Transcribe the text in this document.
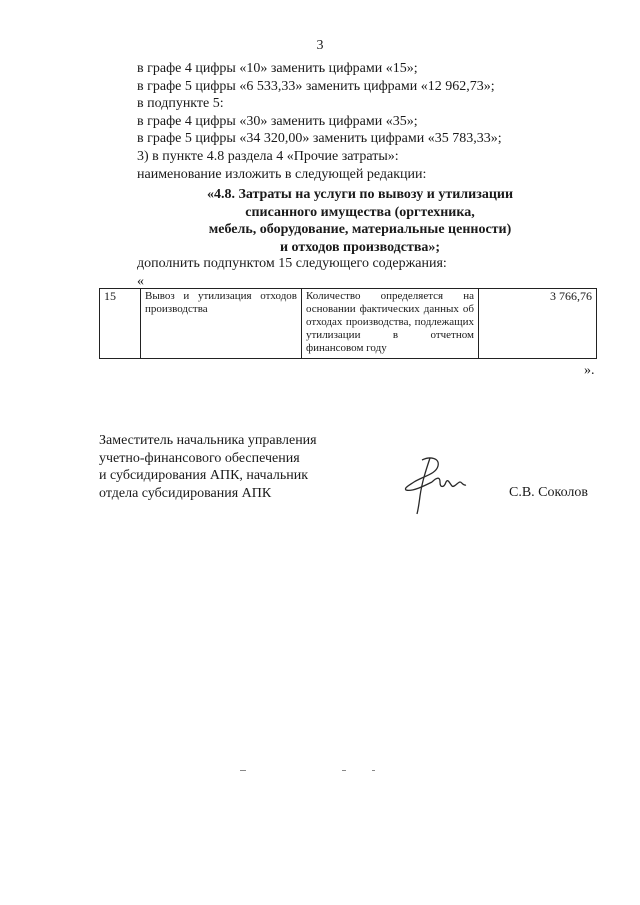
3
в графе 4 цифры «10» заменить цифрами «15»;
в графе 5 цифры «6 533,33» заменить цифрами «12 962,73»;
в подпункте 5:
в графе 4 цифры «30» заменить цифрами «35»;
в графе 5 цифры «34 320,00» заменить цифрами «35 783,33»;
3) в пункте 4.8 раздела 4 «Прочие затраты»:
наименование изложить в следующей редакции:
«4.8. Затраты на услуги по вывозу и утилизации
списанного имущества (оргтехника,
мебель, оборудование, материальные ценности)
и отходов производства»;
дополнить подпунктом 15 следующего содержания:
«
15	Вывоз и утилизация отходов производства	Количество определяется на основании фактических данных об отходах производства, подлежащих утилизации в отчетном финансовом году	3 766,76
».
Заместитель начальника управления
учетно-финансового обеспечения
и субсидирования АПК, начальник
отдела субсидирования АПК	С.В. Соколов
